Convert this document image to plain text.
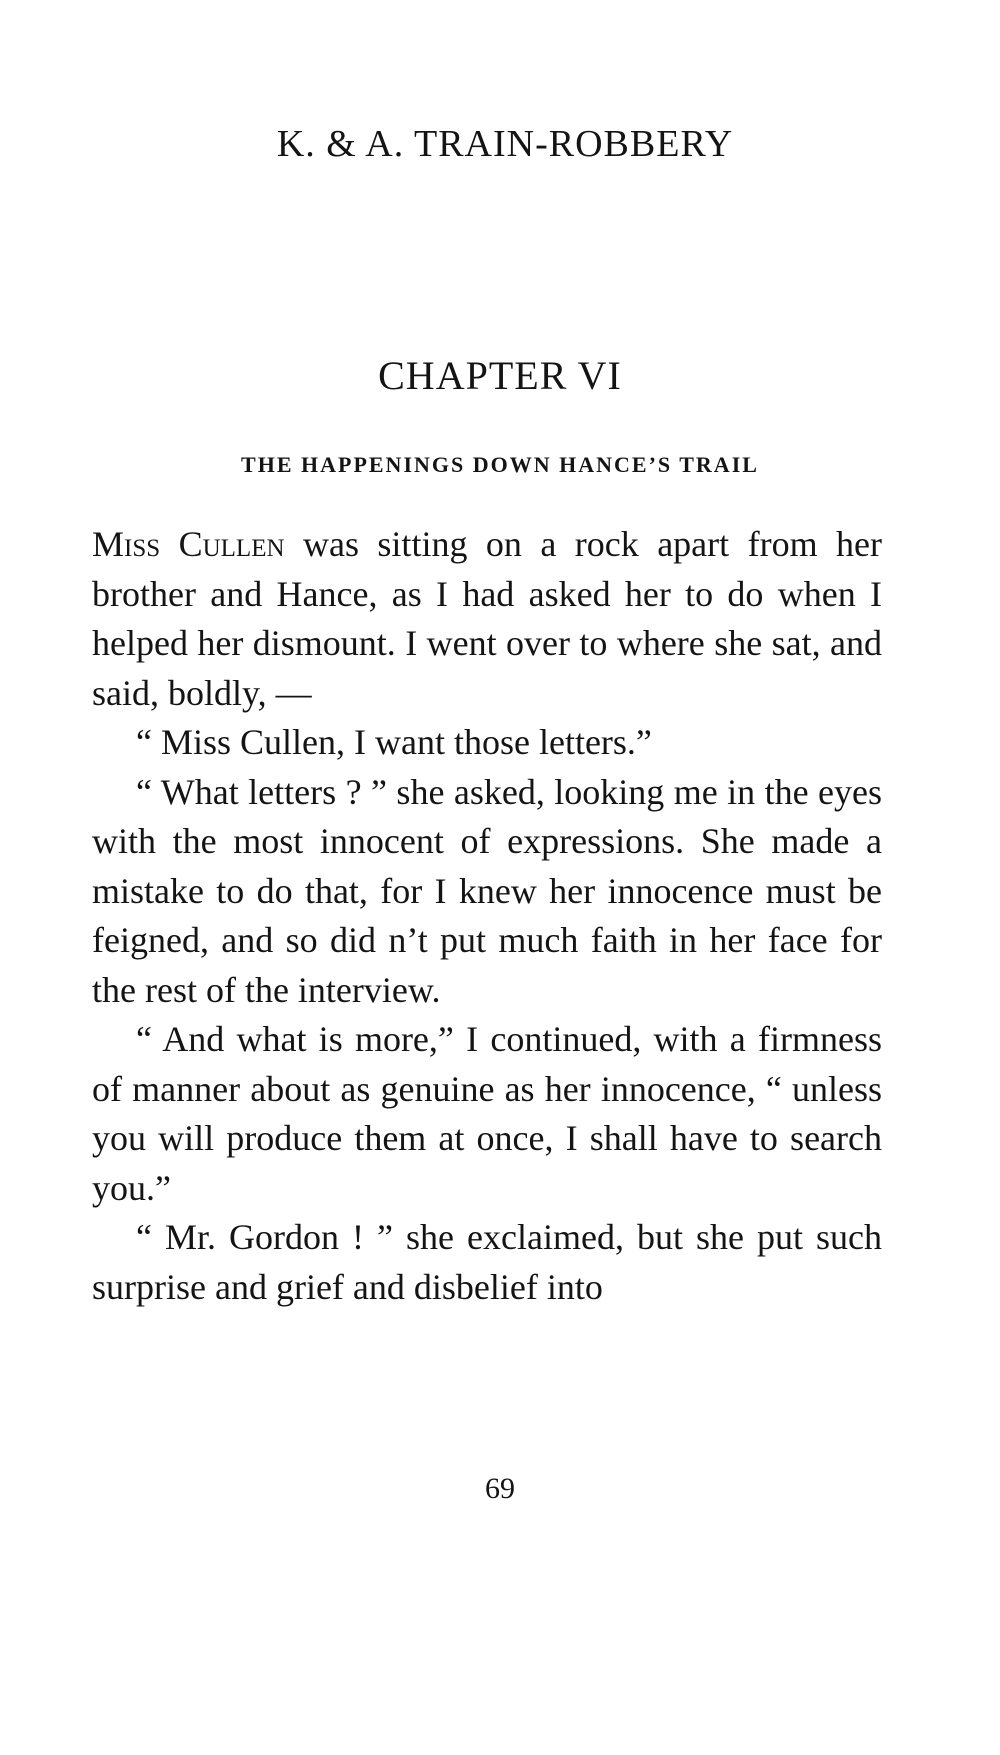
K. & A. TRAIN-ROBBERY
CHAPTER VI
THE HAPPENINGS DOWN HANCE’S TRAIL

Miss Cullen was sitting on a rock apart from her brother and Hance, as I had asked her to do when I helped her dismount. I went over to where she sat, and said, boldly, —

“ Miss Cullen, I want those letters.”

“ What letters ? ” she asked, looking me in the eyes with the most innocent of expressions. She made a mistake to do that, for I knew her innocence must be feigned, and so did n’t put much faith in her face for the rest of the interview.

“ And what is more,” I continued, with a firmness of manner about as genuine as her innocence, “ unless you will produce them at once, I shall have to search you.”

“ Mr. Gordon ! ” she exclaimed, but she put such surprise and grief and disbelief into

69
